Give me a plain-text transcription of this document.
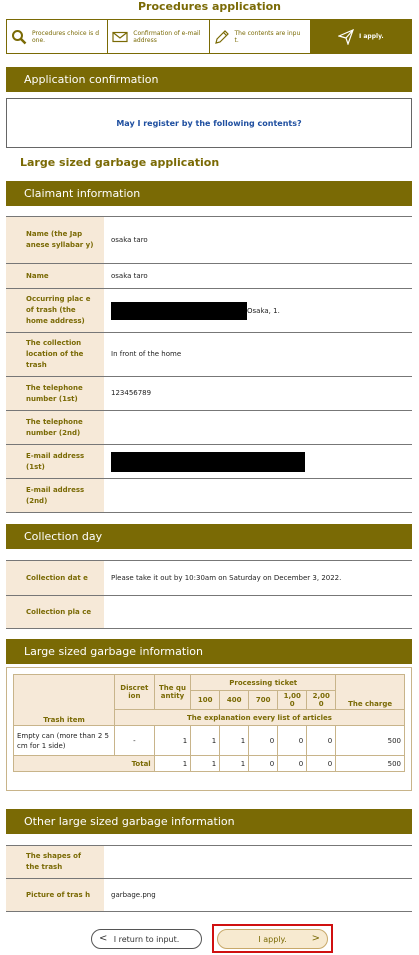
Procedures application
Procedures choice is d one.
Confirmation of e-mail address
The contents are inpu t.	I apply.
Application confirmation
May I register by the following contents?
Large sized garbage application
Claimant information
Name (the Jap anese syllabar y)	osaka taro
Name	osaka taro
Occurring plac e of trash (the home address)	Osaka, 1.
The collection location of the trash	In front of the home
The telephone number (1st)	123456789
The telephone number (2nd)	
E-mail address (1st)	
E-mail address (2nd)	
Collection day
Collection dat e	Please take it out by 10:30am on Saturday on December 3, 2022.
Collection pla ce	
Large sized garbage information
Trash item	Discret ion	The qu antity	Processing ticket					The charge
			100	400	700	1,00 0	2,00 0	
	The explanation every list of articles							
Empty can (more than 2 5 cm for 1 side)	-	1	1	1	0	0	0	500
Total		1	1	1	0	0	0	500
Other large sized garbage information
The shapes of the trash	
Picture of tras h	garbage.png
< I return to input.	I apply.	>
